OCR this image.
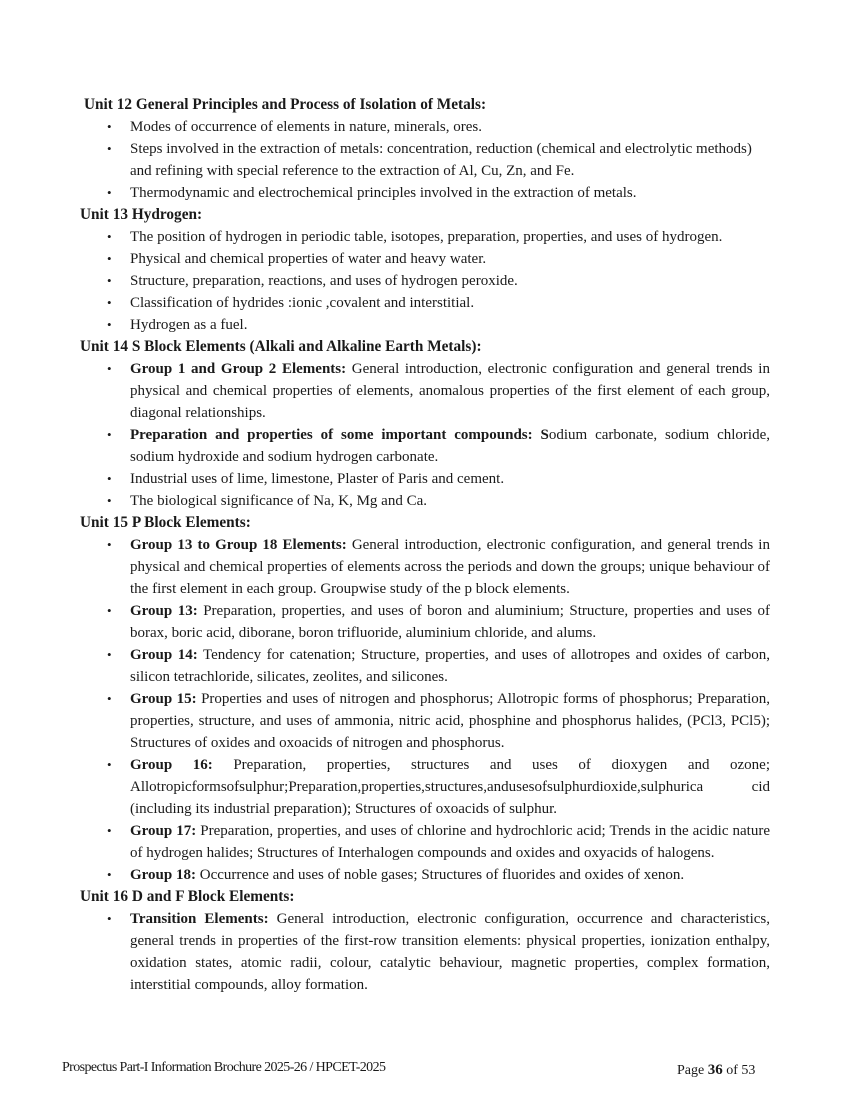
Unit 12 General Principles and Process of Isolation of Metals:
• Modes of occurrence of elements in nature, minerals, ores.
• Steps involved in the extraction of metals: concentration, reduction (chemical and electrolytic methods) and refining with special reference to the extraction of Al, Cu, Zn, and Fe.
• Thermodynamic and electrochemical principles involved in the extraction of metals.
Unit 13 Hydrogen:
• The position of hydrogen in periodic table, isotopes, preparation, properties, and uses of hydrogen.
• Physical and chemical properties of water and heavy water.
• Structure, preparation, reactions, and uses of hydrogen peroxide.
• Classification of hydrides :ionic ,covalent and interstitial.
• Hydrogen as a fuel.
Unit 14 S Block Elements (Alkali and Alkaline Earth Metals):
• Group 1 and Group 2 Elements: General introduction, electronic configuration and general trends in physical and chemical properties of elements, anomalous properties of the first element of each group, diagonal relationships.
• Preparation and properties of some important compounds: Sodium carbonate, sodium chloride, sodium hydroxide and sodium hydrogen carbonate.
• Industrial uses of lime, limestone, Plaster of Paris and cement.
• The biological significance of Na, K, Mg and Ca.
Unit 15 P Block Elements:
• Group 13 to Group 18 Elements: General introduction, electronic configuration, and general trends in physical and chemical properties of elements across the periods and down the groups; unique behaviour of the first element in each group. Groupwise study of the p block elements.
• Group 13: Preparation, properties, and uses of boron and aluminium; Structure, properties and uses of borax, boric acid, diborane, boron trifluoride, aluminium chloride, and alums.
• Group 14: Tendency for catenation; Structure, properties, and uses of allotropes and oxides of carbon, silicon tetrachloride, silicates, zeolites, and silicones.
• Group 15: Properties and uses of nitrogen and phosphorus; Allotropic forms of phosphorus; Preparation, properties, structure, and uses of ammonia, nitric acid, phosphine and phosphorus halides, (PCl3, PCl5); Structures of oxides and oxoacids of nitrogen and phosphorus.
• Group 16: Preparation, properties, structures and uses of dioxygen and ozone; Allotropicformsofsulphur;Preparation,properties,structures,andusesofsulphurdioxide,sulphurica cid (including its industrial preparation); Structures of oxoacids of sulphur.
• Group 17: Preparation, properties, and uses of chlorine and hydrochloric acid; Trends in the acidic nature of hydrogen halides; Structures of Interhalogen compounds and oxides and oxyacids of halogens.
• Group 18: Occurrence and uses of noble gases; Structures of fluorides and oxides of xenon.
Unit 16 D and F Block Elements:
• Transition Elements: General introduction, electronic configuration, occurrence and characteristics, general trends in properties of the first-row transition elements: physical properties, ionization enthalpy, oxidation states, atomic radii, colour, catalytic behaviour, magnetic properties, complex formation, interstitial compounds, alloy formation.
Prospectus Part-I Information Brochure 2025-26 / HPCET-2025	Page 36 of 53
